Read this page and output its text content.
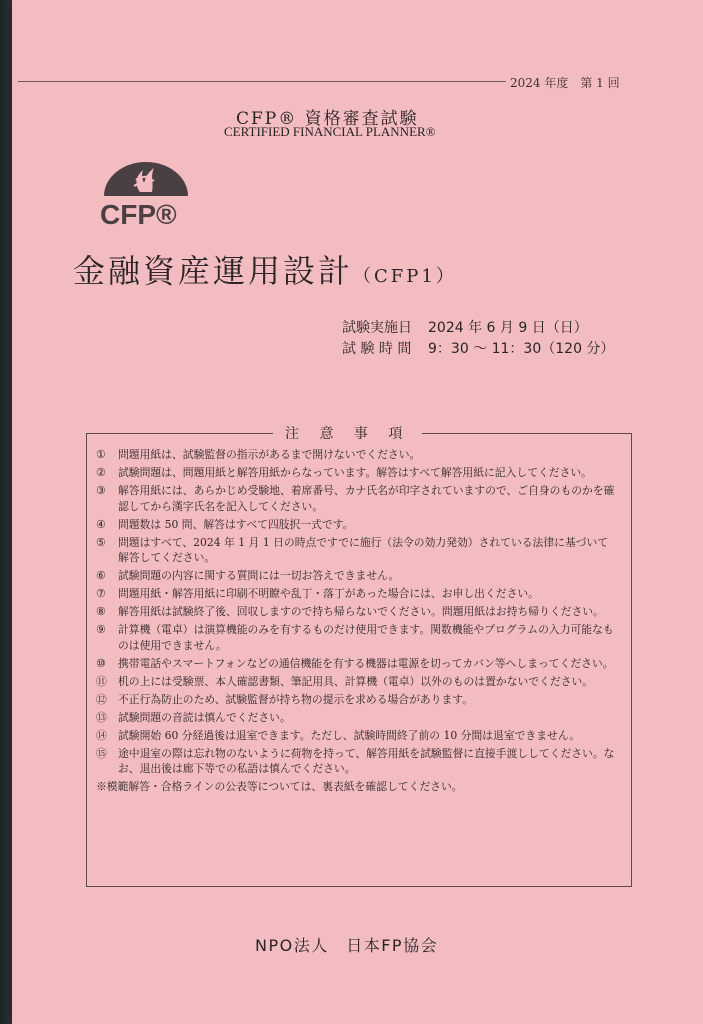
2024 年度　第 1 回
CFP® 資格審査試験
CERTIFIED FINANCIAL PLANNER®
CFP®
金融資産運用設計（CFP1）
試験実施日 2024 年 6 月 9 日（日）
試 験 時 間 9：30 ～ 11：30（120 分）
注 意 事 項
①	問題用紙は、試験監督の指示があるまで開けないでください。
②	試験問題は、問題用紙と解答用紙からなっています。解答はすべて解答用紙に記入してください。
③	解答用紙には、あらかじめ受験地、着席番号、カナ氏名が印字されていますので、ご自身のものかを確認してから漢字氏名を記入してください。
④	問題数は 50 問、解答はすべて四肢択一式です。
⑤	問題はすべて、2024 年 1 月 1 日の時点ですでに施行（法令の効力発効）されている法律に基づいて解答してください。
⑥	試験問題の内容に関する質問には一切お答えできません。
⑦	問題用紙・解答用紙に印刷不明瞭や乱丁・落丁があった場合には、お申し出ください。
⑧	解答用紙は試験終了後、回収しますので持ち帰らないでください。問題用紙はお持ち帰りください。
⑨	計算機（電卓）は演算機能のみを有するものだけ使用できます。関数機能やプログラムの入力可能なものは使用できません。
⑩	携帯電話やスマートフォンなどの通信機能を有する機器は電源を切ってカバン等へしまってください。
⑪	机の上には受験票、本人確認書類、筆記用具、計算機（電卓）以外のものは置かないでください。
⑫	不正行為防止のため、試験監督が持ち物の提示を求める場合があります。
⑬	試験問題の音読は慎んでください。
⑭	試験開始 60 分経過後は退室できます。ただし、試験時間終了前の 10 分間は退室できません。
⑮	途中退室の際は忘れ物のないように荷物を持って、解答用紙を試験監督に直接手渡ししてください。なお、退出後は廊下等での私語は慎んでください。
※模範解答・合格ラインの公表等については、裏表紙を確認してください。
NPO法人　日本FP協会
